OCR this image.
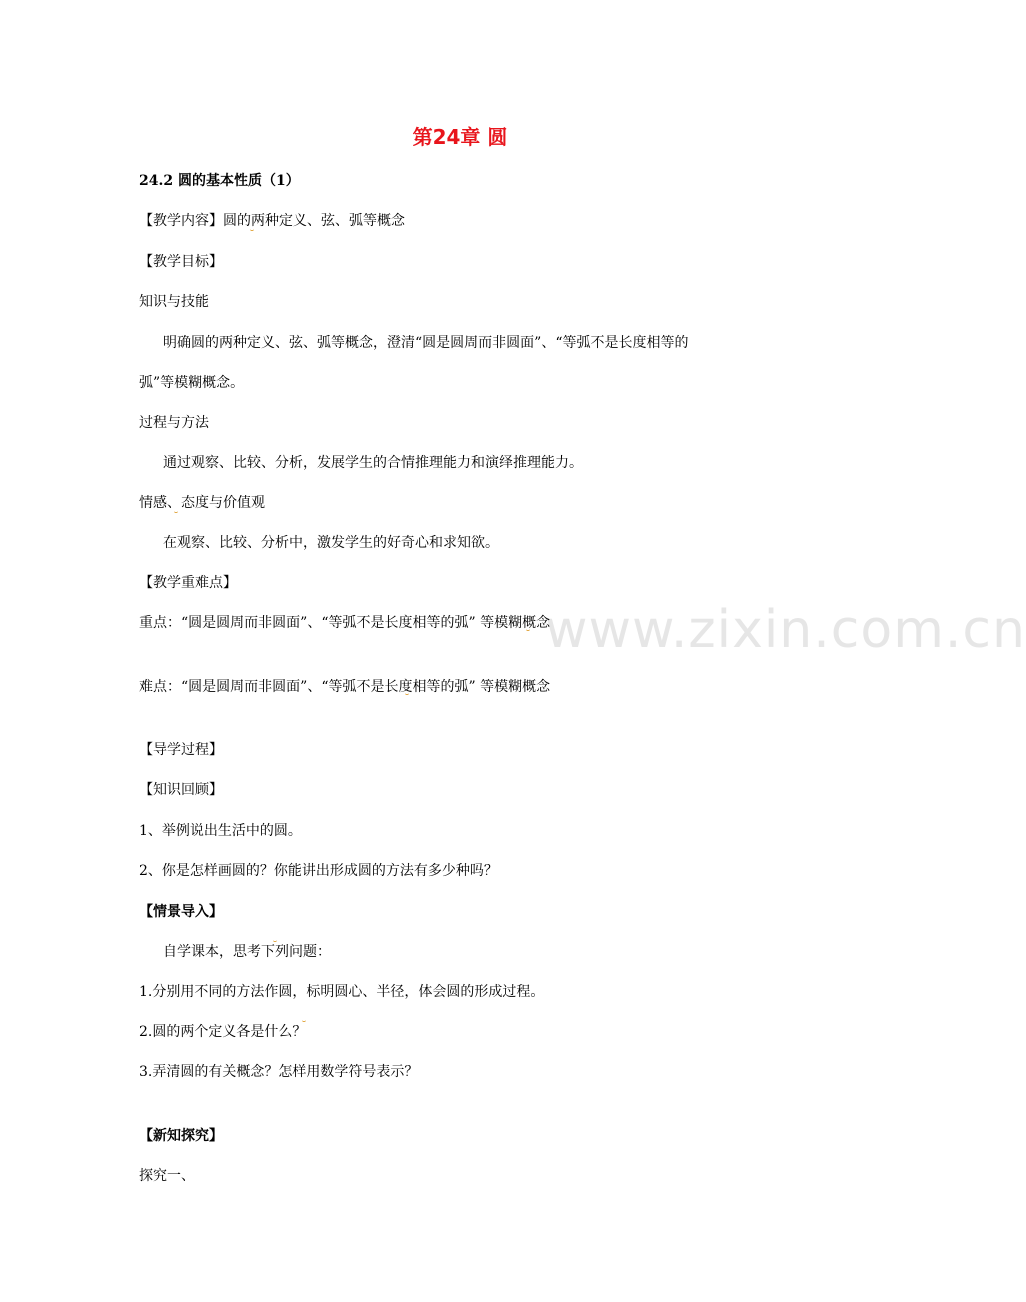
第24章 圆
24.2 圆的基本性质（1）
【教学内容】圆的两种定义、弦、弧等概念
【教学目标】
知识与技能
明确圆的两种定义、弦、弧等概念，澄清“圆是圆周而非圆面”、“等弧不是长度相等的
弧”等模糊概念。
过程与方法
通过观察、比较、分析，发展学生的合情推理能力和演绎推理能力。
情感、态度与价值观
在观察、比较、分析中，激发学生的好奇心和求知欲。
【教学重难点】
www.zixin.com.cn
重点：“圆是圆周而非圆面”、“等弧不是长度相等的弧” 等模糊概念
难点：“圆是圆周而非圆面”、“等弧不是长度相等的弧” 等模糊概念
【导学过程】
【知识回顾】
1、举例说出生活中的圆。
2、你是怎样画圆的？你能讲出形成圆的方法有多少种吗？
【情景导入】
自学课本，思考下列问题：
1.分别用不同的方法作圆，标明圆心、半径，体会圆的形成过程。
2.圆的两个定义各是什么？
3.弄清圆的有关概念？怎样用数学符号表示？
【新知探究】
探究一、
